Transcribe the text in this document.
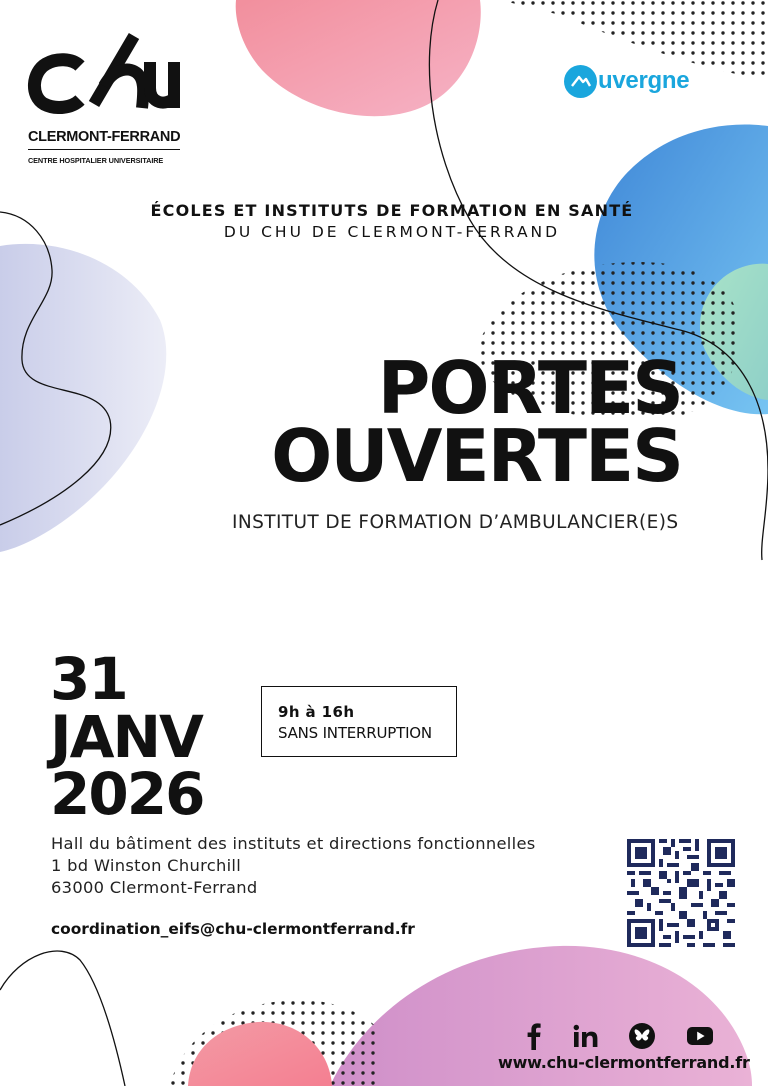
CLERMONT-FERRAND
CENTRE HOSPITALIER UNIVERSITAIRE
uvergne
ÉCOLES ET INSTITUTS DE FORMATION EN SANTÉ
DU CHU DE CLERMONT-FERRAND
PORTES
OUVERTES
INSTITUT DE FORMATION D’AMBULANCIER(E)S
31
JANV
2026
9h à 16h
SANS INTERRUPTION
Hall du bâtiment des instituts et directions fonctionnelles
1 bd Winston Churchill
63000 Clermont-Ferrand
coordination_eifs@chu-clermontferrand.fr
www.chu-clermontferrand.fr
